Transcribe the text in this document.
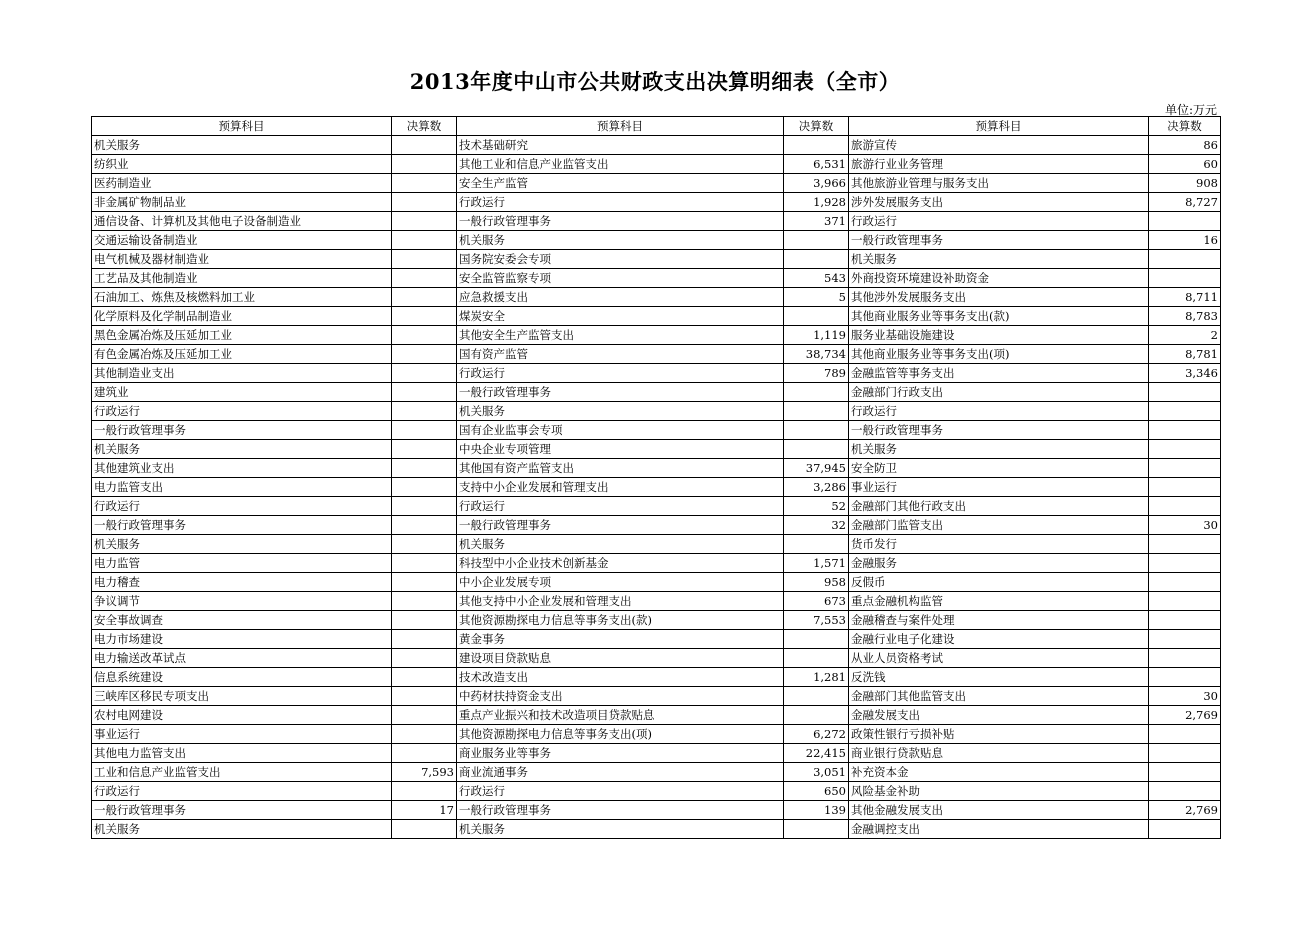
2013年度中山市公共财政支出决算明细表（全市）
单位:万元
预算科目	决算数	预算科目	决算数	预算科目	决算数
机关服务		技术基础研究		旅游宣传	86
纺织业		其他工业和信息产业监管支出	6,531	旅游行业业务管理	60
医药制造业		安全生产监管	3,966	其他旅游业管理与服务支出	908
非金属矿物制品业		行政运行	1,928	涉外发展服务支出	8,727
通信设备、计算机及其他电子设备制造业		一般行政管理事务	371	行政运行	
交通运输设备制造业		机关服务		一般行政管理事务	16
电气机械及器材制造业		国务院安委会专项		机关服务	
工艺品及其他制造业		安全监管监察专项	543	外商投资环境建设补助资金	
石油加工、炼焦及核燃料加工业		应急救援支出	5	其他涉外发展服务支出	8,711
化学原料及化学制品制造业		煤炭安全		其他商业服务业等事务支出(款)	8,783
黑色金属冶炼及压延加工业		其他安全生产监管支出	1,119	服务业基础设施建设	2
有色金属冶炼及压延加工业		国有资产监管	38,734	其他商业服务业等事务支出(项)	8,781
其他制造业支出		行政运行	789	金融监管等事务支出	3,346
建筑业		一般行政管理事务		金融部门行政支出	
行政运行		机关服务		行政运行	
一般行政管理事务		国有企业监事会专项		一般行政管理事务	
机关服务		中央企业专项管理		机关服务	
其他建筑业支出		其他国有资产监管支出	37,945	安全防卫	
电力监管支出		支持中小企业发展和管理支出	3,286	事业运行	
行政运行		行政运行	52	金融部门其他行政支出	
一般行政管理事务		一般行政管理事务	32	金融部门监管支出	30
机关服务		机关服务		货币发行	
电力监管		科技型中小企业技术创新基金	1,571	金融服务	
电力稽查		中小企业发展专项	958	反假币	
争议调节		其他支持中小企业发展和管理支出	673	重点金融机构监管	
安全事故调查		其他资源勘探电力信息等事务支出(款)	7,553	金融稽查与案件处理	
电力市场建设		黄金事务		金融行业电子化建设	
电力输送改革试点		建设项目贷款贴息		从业人员资格考试	
信息系统建设		技术改造支出	1,281	反洗钱	
三峡库区移民专项支出		中药材扶持资金支出		金融部门其他监管支出	30
农村电网建设		重点产业振兴和技术改造项目贷款贴息		金融发展支出	2,769
事业运行		其他资源勘探电力信息等事务支出(项)	6,272	政策性银行亏损补贴	
其他电力监管支出		商业服务业等事务	22,415	商业银行贷款贴息	
工业和信息产业监管支出	7,593	商业流通事务	3,051	补充资本金	
行政运行		行政运行	650	风险基金补助	
一般行政管理事务	17	一般行政管理事务	139	其他金融发展支出	2,769
机关服务		机关服务		金融调控支出	
